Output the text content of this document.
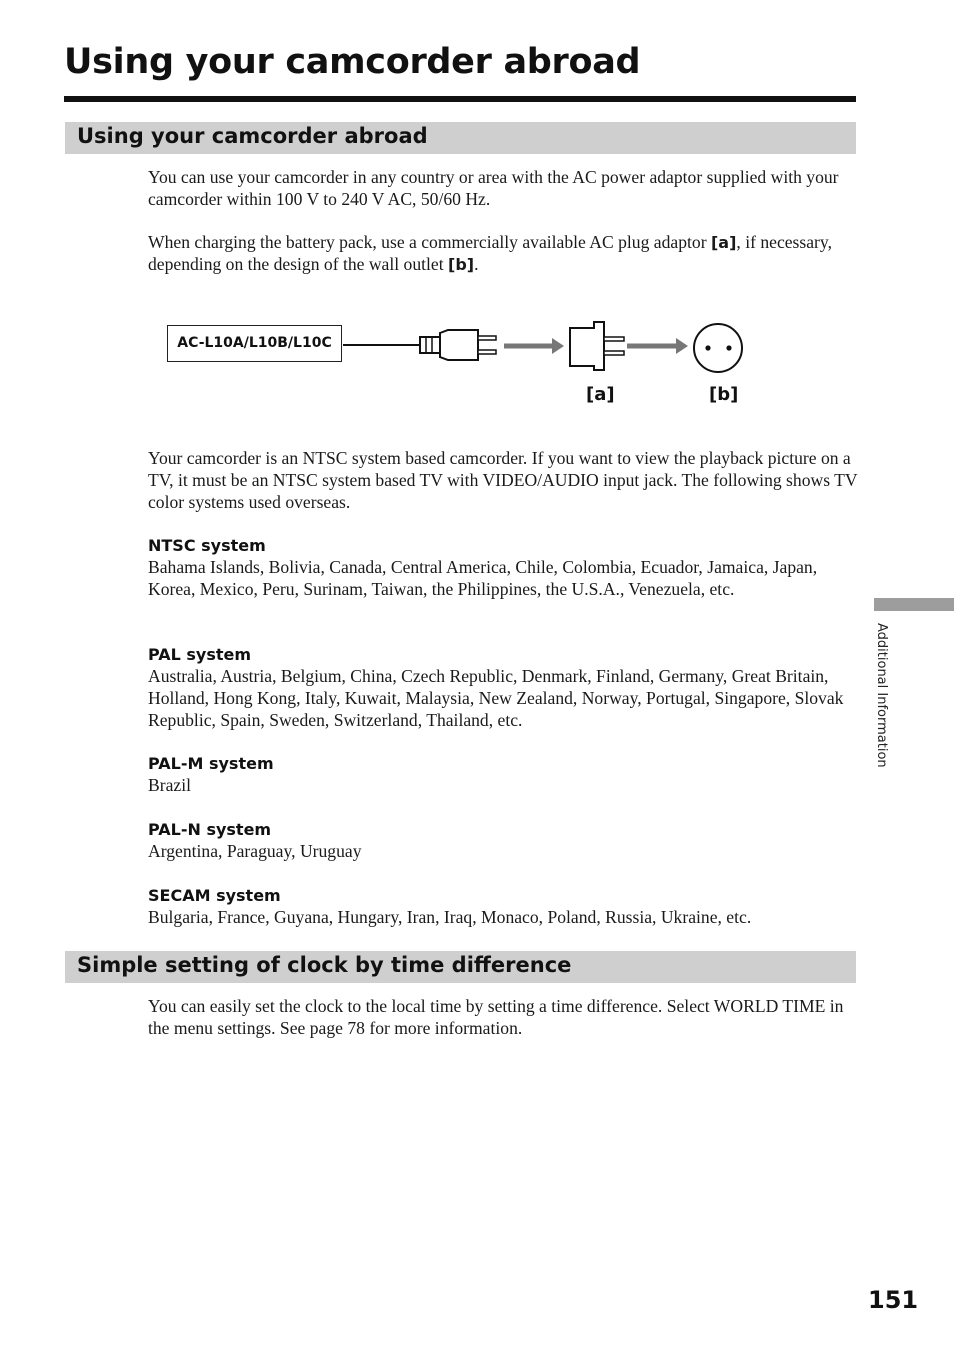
Using your camcorder abroad
Using your camcorder abroad

You can use your camcorder in any country or area with the AC power adaptor supplied with your camcorder within 100 V to 240 V AC, 50/60 Hz.

When charging the battery pack, use a commercially available AC plug adaptor [a], if necessary, depending on the design of the wall outlet [b].

AC-L10A/L10B/L10C
[a]	[b]

Your camcorder is an NTSC system based camcorder. If you want to view the playback picture on a TV, it must be an NTSC system based TV with VIDEO/AUDIO input jack. The following shows TV color systems used overseas.

NTSC system
Bahama Islands, Bolivia, Canada, Central America, Chile, Colombia, Ecuador, Jamaica, Japan, Korea, Mexico, Peru, Surinam, Taiwan, the Philippines, the U.S.A., Venezuela, etc.
PAL system
Australia, Austria, Belgium, China, Czech Republic, Denmark, Finland, Germany, Great Britain, Holland, Hong Kong, Italy, Kuwait, Malaysia, New Zealand, Norway, Portugal, Singapore, Slovak Republic, Spain, Sweden, Switzerland, Thailand, etc.
PAL-M system
Brazil
PAL-N system
Argentina, Paraguay, Uruguay
SECAM system
Bulgaria, France, Guyana, Hungary, Iran, Iraq, Monaco, Poland, Russia, Ukraine, etc.
Simple setting of clock by time difference

You can easily set the clock to the local time by setting a time difference. Select WORLD TIME in the menu settings. See page 78 for more information.

Additional Information
151
